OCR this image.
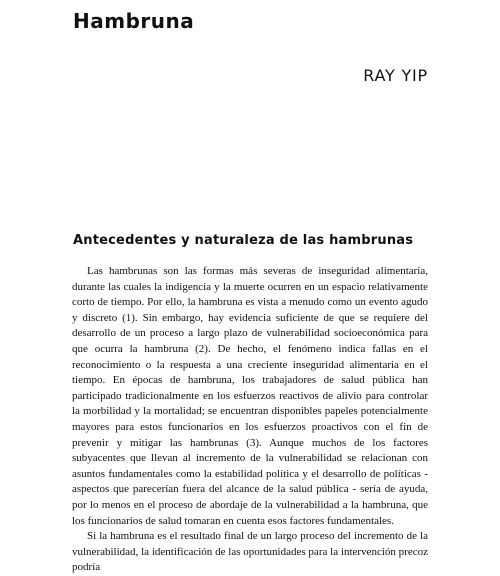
Hambruna
RAY YIP
Antecedentes y naturaleza de las hambrunas

Las hambrunas son las formas más severas de inseguridad alimentaria, durante las cuales la indigencia y la muerte ocurren en un espacio relativamente corto de tiempo. Por ello, la hambruna es vista a menudo como un evento agudo y discreto (1). Sin embargo, hay evidencia suficiente de que se requiere del desarrollo de un proceso a largo plazo de vulnerabilidad socioeconómica para que ocurra la hambruna (2). De hecho, el fenómeno indica fallas en el reconocimiento o la respuesta a una creciente inseguridad alimentaria en el tiempo. En épocas de hambruna, los trabajadores de salud pública han participado tradicionalmente en los esfuerzos reactivos de alivio para controlar la morbilidad y la mortalidad; se encuentran disponibles papeles potencialmente mayores para estos funcionarios en los esfuerzos proactivos con el fin de prevenir y mitigar las hambrunas (3). Aunque muchos de los factores subyacentes que llevan al incremento de la vulnerabilidad se relacionan con asuntos fundamentales como la estabilidad política y el desarrollo de políticas - aspectos que parecerían fuera del alcance de la salud pública - sería de ayuda, por lo menos en el proceso de abordaje de la vulnerabilidad a la hambruna, que los funcionarios de salud tomaran en cuenta esos factores fundamentales.

Si la hambruna es el resultado final de un largo proceso del incremento de la vulnerabilidad, la identificación de las oportunidades para la intervención precoz podría
